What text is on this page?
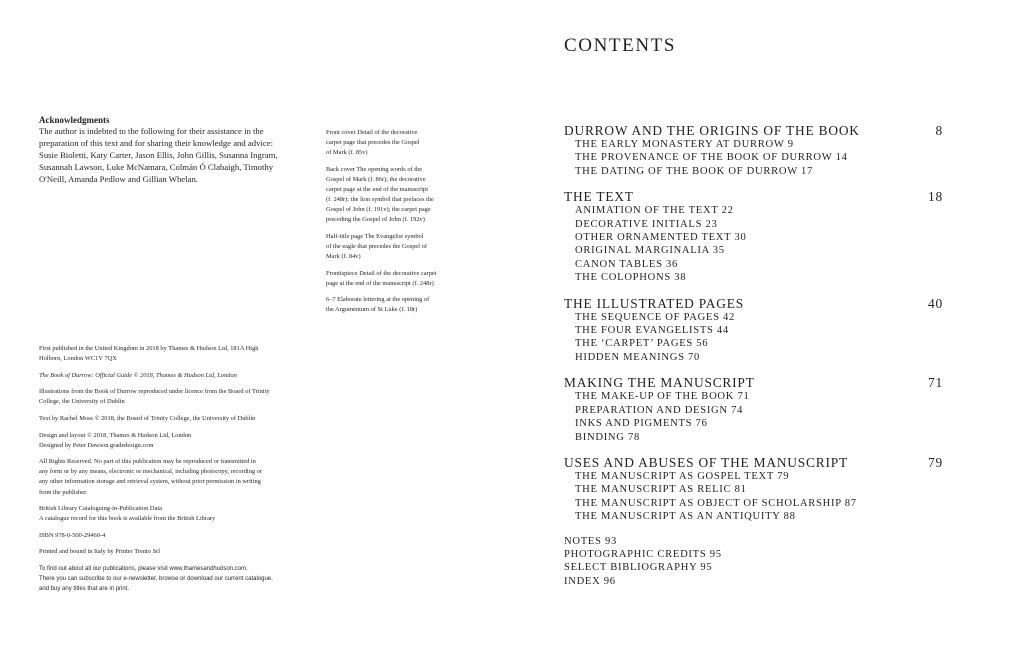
Acknowledgments
The author is indebted to the following for their assistance in the
preparation of this text and for sharing their knowledge and advice:
Susie Bioletti, Katy Carter, Jason Ellis, John Gillis, Susanna Ingram,
Susannah Lawson, Luke McNamara, Colmán Ó Clabaigh, Timothy
O'Neill, Amanda Pedlow and Gillian Whelan.
Front cover Detail of the decorative
carpet page that precedes the Gospel
of Mark (f. 85v)
Back cover The opening words of the
Gospel of Mark (f. 86r); the decorative
carpet page at the end of the manuscript
(f. 248r); the lion symbol that prefaces the
Gospel of John (f. 191v); the carpet page
preceding the Gospel of John (f. 192v)
Half-title page The Evangelist symbol
of the eagle that precedes the Gospel of
Mark (f. 84v)
Frontispiece Detail of the decorative carpet
page at the end of the manuscript (f. 248r)
6–7 Elaborate lettering at the opening of
the Argumentum of St Luke (f. 18r)
First published in the United Kingdom in 2018 by Thames & Hudson Ltd, 181A High
Holborn, London WC1V 7QX
The Book of Durrow: Official Guide © 2018, Thames & Hudson Ltd, London
Illustrations from the Book of Durrow reproduced under licence from the Board of Trinity
College, the University of Dublin
Text by Rachel Moss © 2018, the Board of Trinity College, the University of Dublin
Design and layout © 2018, Thames & Hudson Ltd, London
Designed by Peter Dawson gradedesign.com
All Rights Reserved. No part of this publication may be reproduced or transmitted in
any form or by any means, electronic or mechanical, including photocopy, recording or
any other information storage and retrieval system, without prior permission in writing
from the publisher.
British Library Cataloguing-in-Publication Data
A catalogue record for this book is available from the British Library
ISBN 978-0-500-29460-4
Printed and bound in Italy by Printer Trento Srl
To find out about all our publications, please visit www.thamesandhudson.com.
There you can subscribe to our e-newsletter, browse or download our current catalogue,
and buy any titles that are in print.
CONTENTS
DURROW AND THE ORIGINS OF THE BOOK	8
THE EARLY MONASTERY AT DURROW 9
THE PROVENANCE OF THE BOOK OF DURROW 14
THE DATING OF THE BOOK OF DURROW 17
THE TEXT	18
ANIMATION OF THE TEXT 22
DECORATIVE INITIALS 23
OTHER ORNAMENTED TEXT 30
ORIGINAL MARGINALIA 35
CANON TABLES 36
THE COLOPHONS 38
THE ILLUSTRATED PAGES	40
THE SEQUENCE OF PAGES 42
THE FOUR EVANGELISTS 44
THE ‘CARPET’ PAGES 56
HIDDEN MEANINGS 70
MAKING THE MANUSCRIPT	71
THE MAKE-UP OF THE BOOK 71
PREPARATION AND DESIGN 74
INKS AND PIGMENTS 76
BINDING 78
USES AND ABUSES OF THE MANUSCRIPT	79
THE MANUSCRIPT AS GOSPEL TEXT 79
THE MANUSCRIPT AS RELIC 81
THE MANUSCRIPT AS OBJECT OF SCHOLARSHIP 87
THE MANUSCRIPT AS AN ANTIQUITY 88
NOTES 93
PHOTOGRAPHIC CREDITS 95
SELECT BIBLIOGRAPHY 95
INDEX 96
